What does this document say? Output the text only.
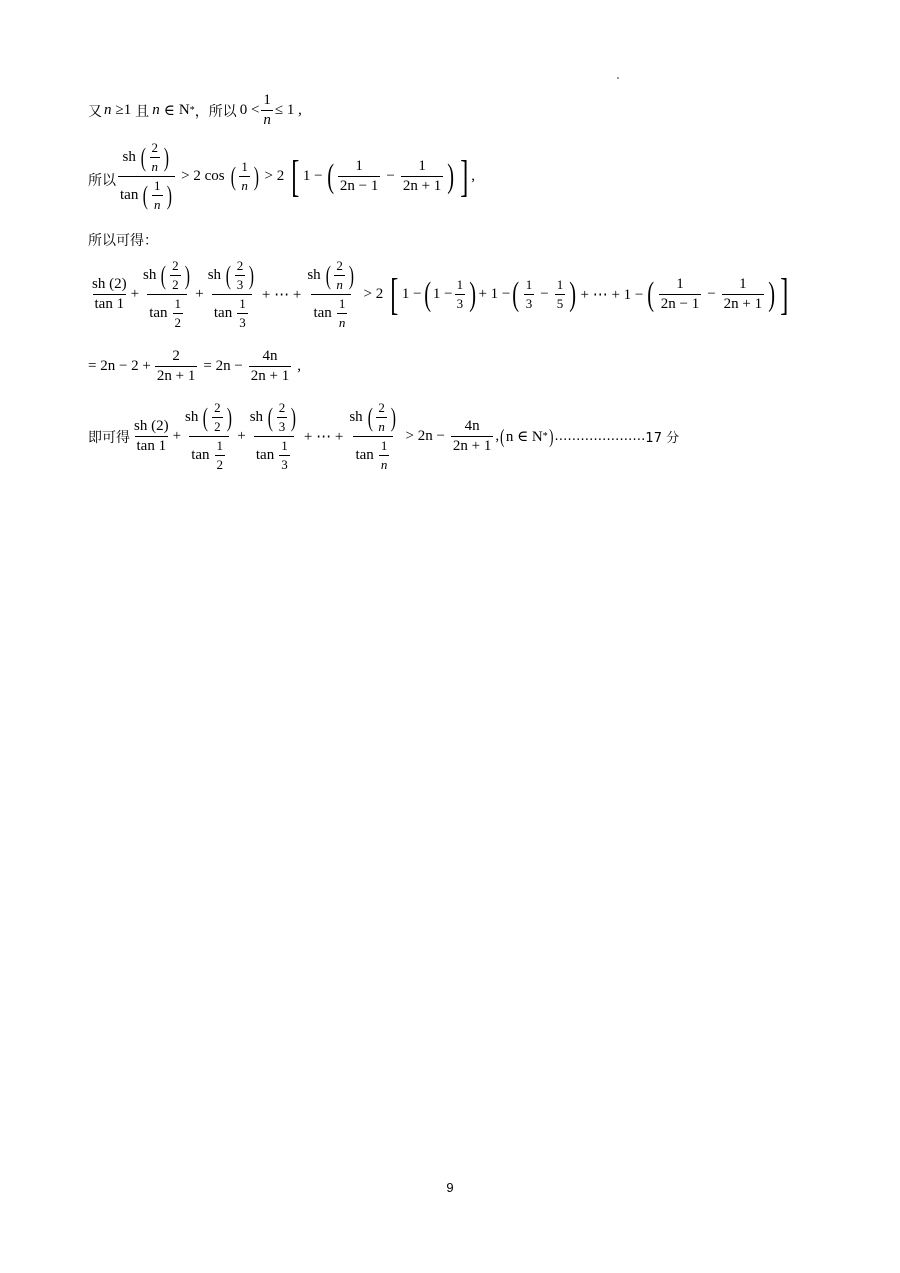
又 n ≥1 且 n ∈ N * ，所以 $0 < \frac{1}{n} \le 1$ ,
所以 $\frac{sh ( \frac{2}{n} )}{\tan ( \frac{1}{n} )} > 2$ cos ( $\frac{1}{n}$ ) > 2 [ 1 − ( $\frac{1}{2n - 1} - \frac{1}{2n + 1}$ ) ] ,
所以可得：
$\frac{sh (2)}{\tan 1} + \frac{sh ( \frac{2}{2} )}{\tan \frac{1}{2}} + \frac{sh ( \frac{2}{3} )}{\tan \frac{1}{3}}$ + ⋯ + $\frac{sh ( \frac{2}{n} )}{\tan \frac{1}{n}} > 2$ [ 1 − ( $1 - \frac{1}{3}$ ) + 1 − ( $\frac{1}{3} - \frac{1}{5}$ ) + ⋯ + 1 − ( $\frac{1}{2n - 1} - \frac{1}{2n + 1}$ ) ]
= $2n - 2 + \frac{2}{2n + 1} = 2n - \frac{4n}{2n + 1}$ ,
即可得 $\frac{sh (2)}{\tan 1} + \frac{sh ( \frac{2}{2} )}{\tan \frac{1}{2}} + \frac{sh ( \frac{2}{3} )}{\tan \frac{1}{3}}$ + ⋯ + $\frac{sh ( \frac{2}{n} )}{\tan \frac{1}{n}} > 2n - \frac{4n}{2n + 1}$ , ( n ∈ N * ) ………………… 17 分
9
